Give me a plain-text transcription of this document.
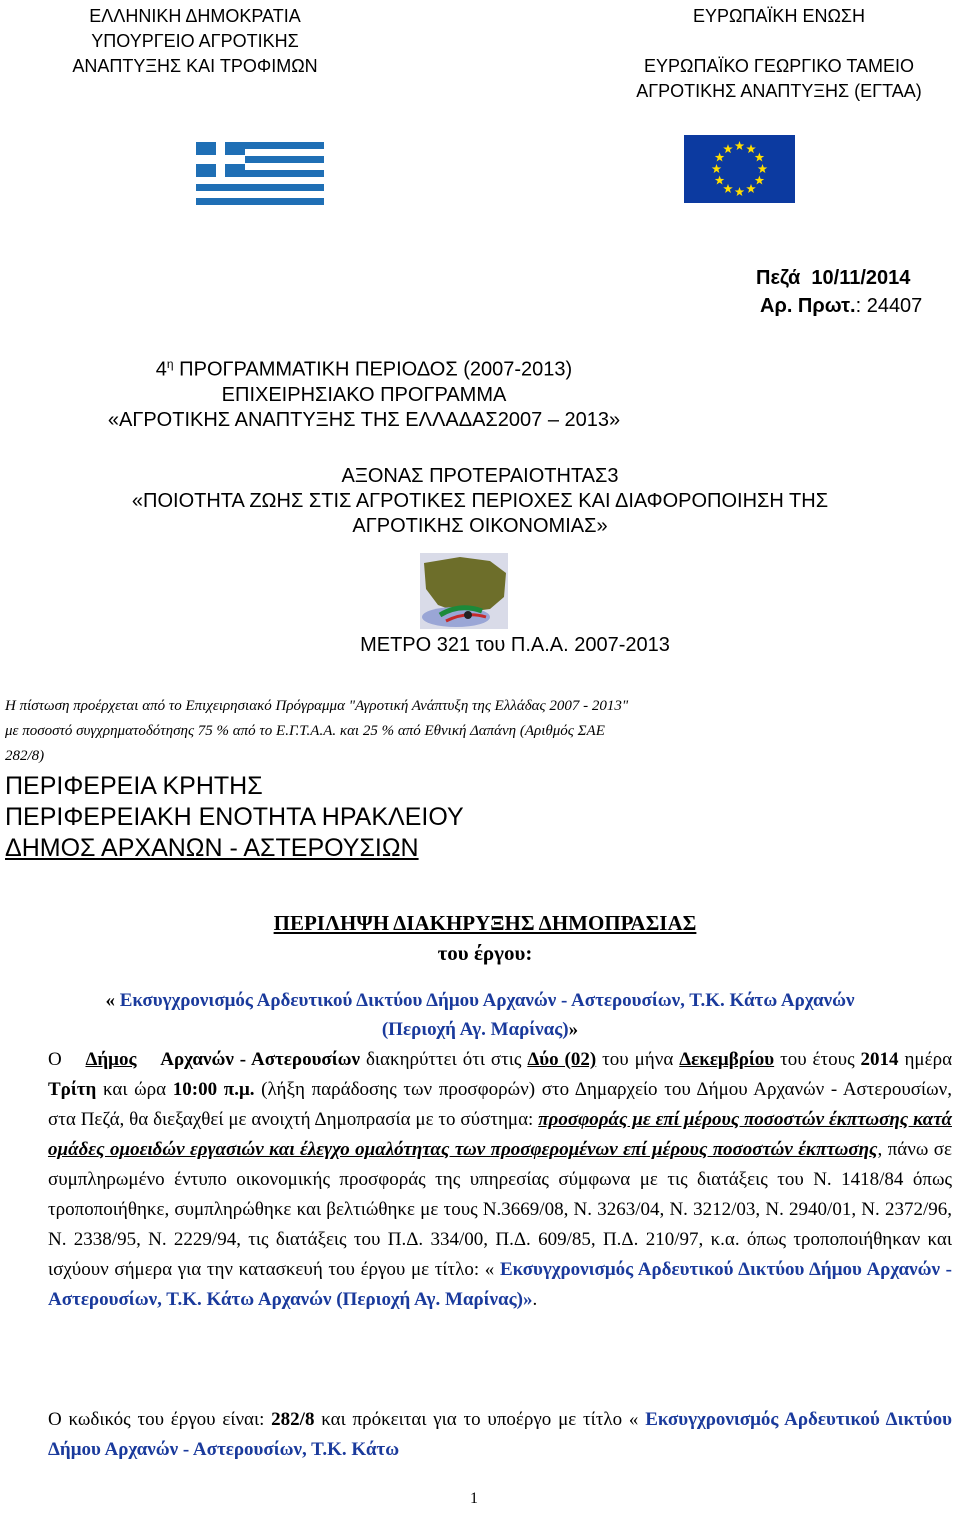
ΕΛΛΗΝΙΚΗ ΔΗΜΟΚΡΑΤΙΑ
ΥΠΟΥΡΓΕΙΟ ΑΓΡΟΤΙΚΗΣ
ΑΝΑΠΤΥΞΗΣ ΚΑΙ ΤΡΟΦΙΜΩΝ
ΕΥΡΩΠΑΪΚΗ ΕΝΩΣΗ
ΕΥΡΩΠΑΪΚΟ ΓΕΩΡΓΙΚΟ ΤΑΜΕΙΟ
ΑΓΡΟΤΙΚΗΣ ΑΝΑΠΤΥΞΗΣ (ΕΓΤΑΑ)
Πεζά  10/11/2014
Αρ. Πρωτ.: 24407
$4^\eta$ ΠΡΟΓΡΑΜΜΑΤΙΚΗ ΠΕΡΙΟΔΟΣ (2007-2013)
ΕΠΙΧΕΙΡΗΣΙΑΚΟ ΠΡΟΓΡΑΜΜΑ
«ΑΓΡΟΤΙΚΗΣ ΑΝΑΠΤΥΞΗΣ ΤΗΣ ΕΛΛΑΔΑΣ2007 – 2013»
ΑΞΟΝΑΣ ΠΡΟΤΕΡΑΙΟΤΗΤΑΣ3
«ΠΟΙΟΤΗΤΑ ΖΩΗΣ ΣΤΙΣ ΑΓΡΟΤΙΚΕΣ ΠΕΡΙΟΧΕΣ ΚΑΙ ΔΙΑΦΟΡΟΠΟΙΗΣΗ ΤΗΣ
ΑΓΡΟΤΙΚΗΣ ΟΙΚΟΝΟΜΙΑΣ»
ΜΕΤΡΟ 321 του Π.Α.Α. 2007-2013
Η πίστωση προέρχεται από το Επιχειρησιακό Πρόγραμμα "Αγροτική Ανάπτυξη της Ελλάδας 2007 - 2013"
με ποσοστό συγχρηματοδότησης 75 % από το Ε.Γ.Τ.Α.Α. και 25 % από Εθνική Δαπάνη (Αριθμός ΣΑΕ
282/8)
ΠΕΡΙΦΕΡΕΙΑ ΚΡΗΤΗΣ
ΠΕΡΙΦΕΡΕΙΑΚΗ ΕΝΟΤΗΤΑ ΗΡΑΚΛΕΙΟΥ
ΔΗΜΟΣ ΑΡΧΑΝΩΝ - ΑΣΤΕΡΟΥΣΙΩΝ
ΠΕΡΙΛΗΨΗ ΔΙΑΚΗΡΥΞΗΣ ΔΗΜΟΠΡΑΣΙΑΣ
του έργου:
« Εκσυγχρονισμός Αρδευτικού Δικτύου Δήμου Αρχανών - Αστερουσίων, Τ.Κ. Κάτω Αρχανών
(Περιοχή Αγ. Μαρίνας)»
Ο Δήμος Αρχανών - Αστερουσίων διακηρύττει ότι στις Δύο (02) του μήνα Δεκεμβρίου του έτους 2014 ημέρα Τρίτη και ώρα 10:00 π.μ. (λήξη παράδοσης των προσφορών) στο Δημαρχείο του Δήμου Αρχανών - Αστερουσίων, στα Πεζά, θα διεξαχθεί με ανοιχτή Δημοπρασία με το σύστημα: προσφοράς με επί μέρους ποσοστών έκπτωσης κατά ομάδες ομοειδών εργασιών και έλεγχο ομαλότητας των προσφερομένων επί μέρους ποσοστών έκπτωσης, πάνω σε συμπληρωμένο έντυπο οικονομικής προσφοράς της υπηρεσίας σύμφωνα με τις διατάξεις του Ν. 1418/84 όπως τροποποιήθηκε, συμπληρώθηκε και βελτιώθηκε με τους Ν.3669/08, Ν. 3263/04, Ν. 3212/03, Ν. 2940/01, Ν. 2372/96, Ν. 2338/95, Ν. 2229/94, τις διατάξεις του Π.Δ. 334/00, Π.Δ. 609/85, Π.Δ. 210/97, κ.α. όπως τροποποιήθηκαν και ισχύουν σήμερα για την κατασκευή του έργου με τίτλο: « Εκσυγχρονισμός Αρδευτικού Δικτύου Δήμου Αρχανών - Αστερουσίων, Τ.Κ. Κάτω Αρχανών (Περιοχή Αγ. Μαρίνας)».
Ο κωδικός του έργου είναι: 282/8 και πρόκειται για το υποέργο με τίτλο « Εκσυγχρονισμός Αρδευτικού Δικτύου Δήμου Αρχανών - Αστερουσίων, Τ.Κ. Κάτω
1
